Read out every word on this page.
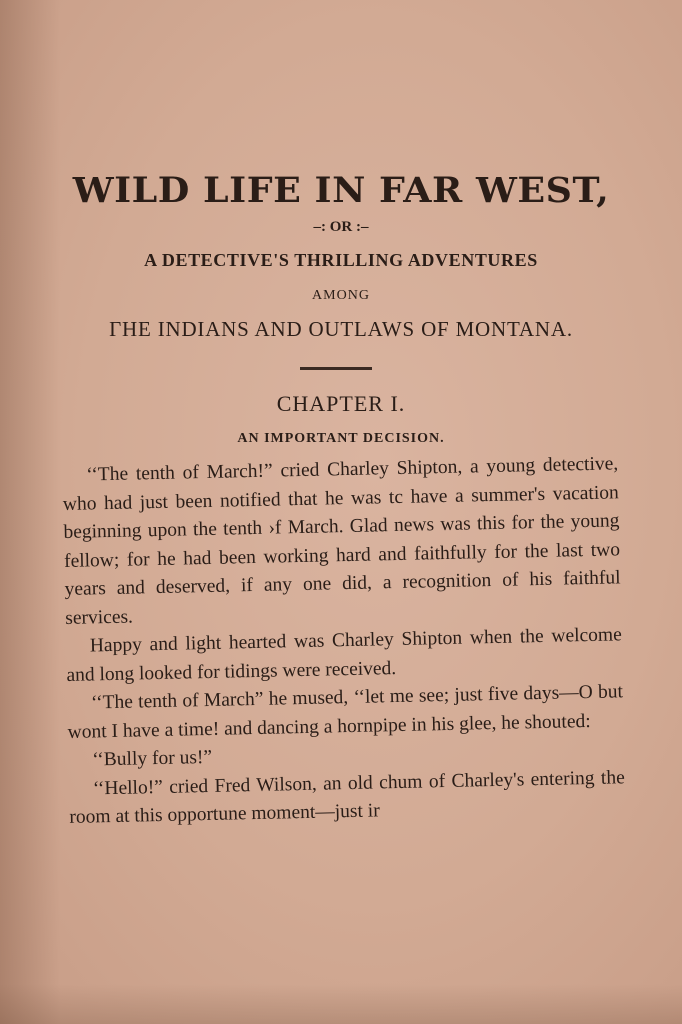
WILD LIFE IN FAR WEST,
–: OR :–
A DETECTIVE'S THRILLING ADVENTURES
AMONG
ГHE INDIANS AND OUTLAWS OF MONTANA.
CHAPTER I.
AN IMPORTANT DECISION.

‘‘The tenth of March!” cried Charley Shipton, a young detective, who had just been notified that he was tc have a summer's vacation beginning upon the tenth ›f March. Glad news was this for the young fellow; for he had been working hard and faithfully for the last two years and deserved, if any one did, a recognition of his faithful services.

Happy and light hearted was Charley Shipton when the welcome and long looked for tidings were received.

‘‘The tenth of March” he mused, ‘‘let me see; just five days—O but wont I have a time! and dancing a hornpipe in his glee, he shouted:

‘‘Bully for us!”

‘‘Hello!” cried Fred Wilson, an old chum of Charley's entering the room at this opportune moment—just ir
